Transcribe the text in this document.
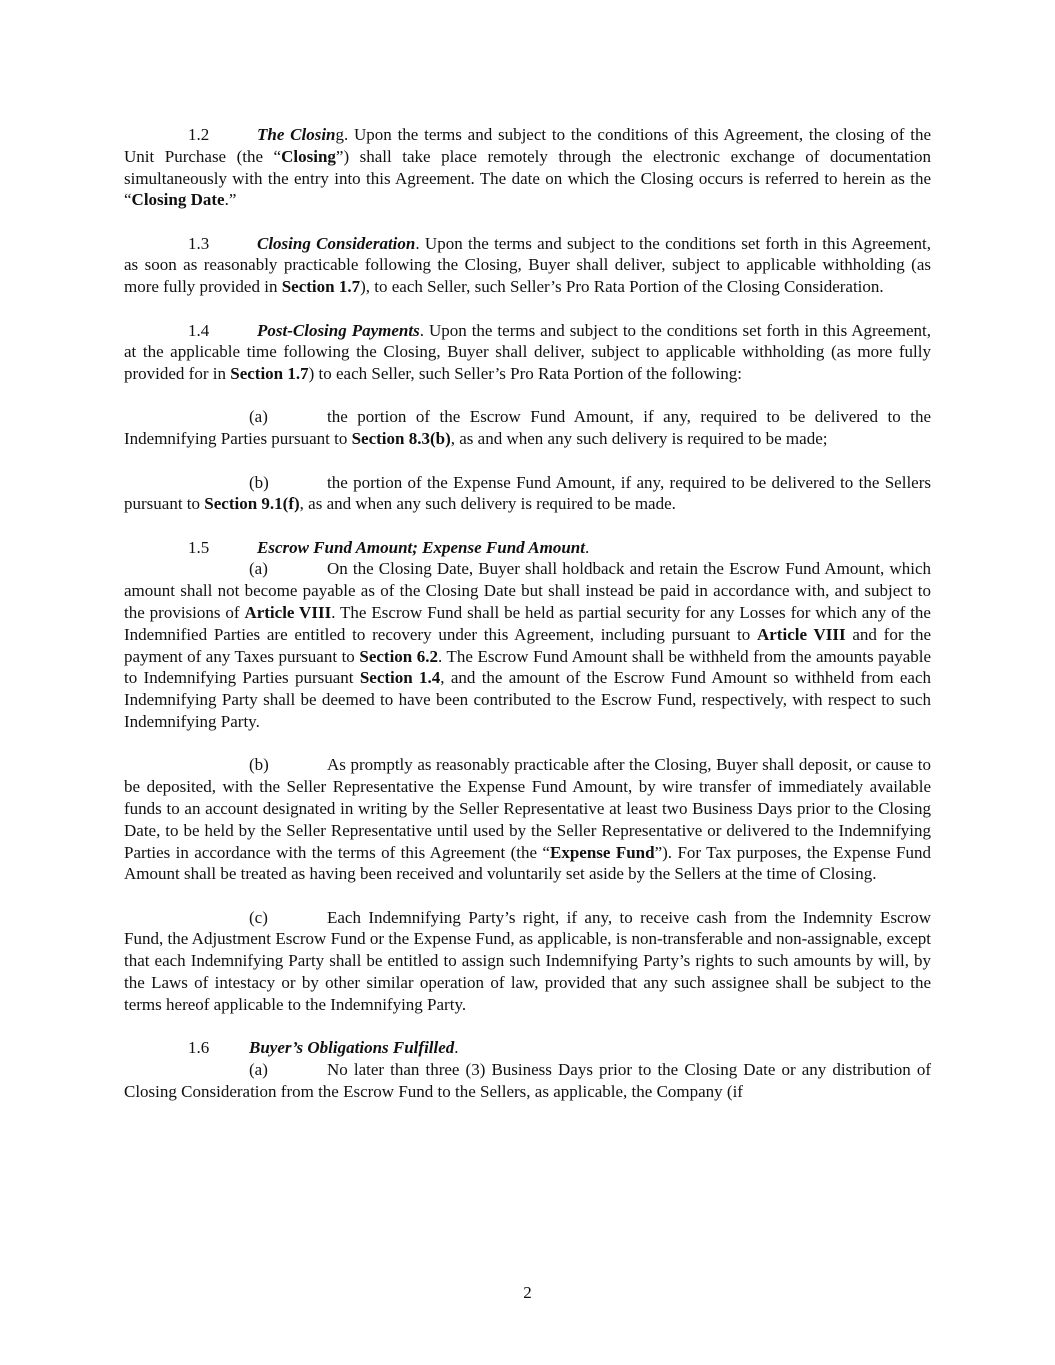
1.2	The Closing. Upon the terms and subject to the conditions of this Agreement, the closing of the Unit Purchase (the “Closing”) shall take place remotely through the electronic exchange of documentation simultaneously with the entry into this Agreement. The date on which the Closing occurs is referred to herein as the “Closing Date.”

1.3	Closing Consideration. Upon the terms and subject to the conditions set forth in this Agreement, as soon as reasonably practicable following the Closing, Buyer shall deliver, subject to applicable withholding (as more fully provided in Section 1.7), to each Seller, such Seller’s Pro Rata Portion of the Closing Consideration.

1.4	Post-Closing Payments. Upon the terms and subject to the conditions set forth in this Agreement, at the applicable time following the Closing, Buyer shall deliver, subject to applicable withholding (as more fully provided for in Section 1.7) to each Seller, such Seller’s Pro Rata Portion of the following:

(a)	the portion of the Escrow Fund Amount, if any, required to be delivered to the Indemnifying Parties pursuant to Section 8.3(b), as and when any such delivery is required to be made;

(b)	the portion of the Expense Fund Amount, if any, required to be delivered to the Sellers pursuant to Section 9.1(f), as and when any such delivery is required to be made.

1.5	Escrow Fund Amount; Expense Fund Amount.

(a)	On the Closing Date, Buyer shall holdback and retain the Escrow Fund Amount, which amount shall not become payable as of the Closing Date but shall instead be paid in accordance with, and subject to the provisions of Article VIII. The Escrow Fund shall be held as partial security for any Losses for which any of the Indemnified Parties are entitled to recovery under this Agreement, including pursuant to Article VIII and for the payment of any Taxes pursuant to Section 6.2. The Escrow Fund Amount shall be withheld from the amounts payable to Indemnifying Parties pursuant Section 1.4, and the amount of the Escrow Fund Amount so withheld from each Indemnifying Party shall be deemed to have been contributed to the Escrow Fund, respectively, with respect to such Indemnifying Party.

(b)	As promptly as reasonably practicable after the Closing, Buyer shall deposit, or cause to be deposited, with the Seller Representative the Expense Fund Amount, by wire transfer of immediately available funds to an account designated in writing by the Seller Representative at least two Business Days prior to the Closing Date, to be held by the Seller Representative until used by the Seller Representative or delivered to the Indemnifying Parties in accordance with the terms of this Agreement (the “Expense Fund”). For Tax purposes, the Expense Fund Amount shall be treated as having been received and voluntarily set aside by the Sellers at the time of Closing.

(c)	Each Indemnifying Party’s right, if any, to receive cash from the Indemnity Escrow Fund, the Adjustment Escrow Fund or the Expense Fund, as applicable, is non-transferable and non-assignable, except that each Indemnifying Party shall be entitled to assign such Indemnifying Party’s rights to such amounts by will, by the Laws of intestacy or by other similar operation of law, provided that any such assignee shall be subject to the terms hereof applicable to the Indemnifying Party.

1.6 Buyer’s Obligations Fulfilled.

(a)	No later than three (3) Business Days prior to the Closing Date or any distribution of Closing Consideration from the Escrow Fund to the Sellers, as applicable, the Company (if

2
